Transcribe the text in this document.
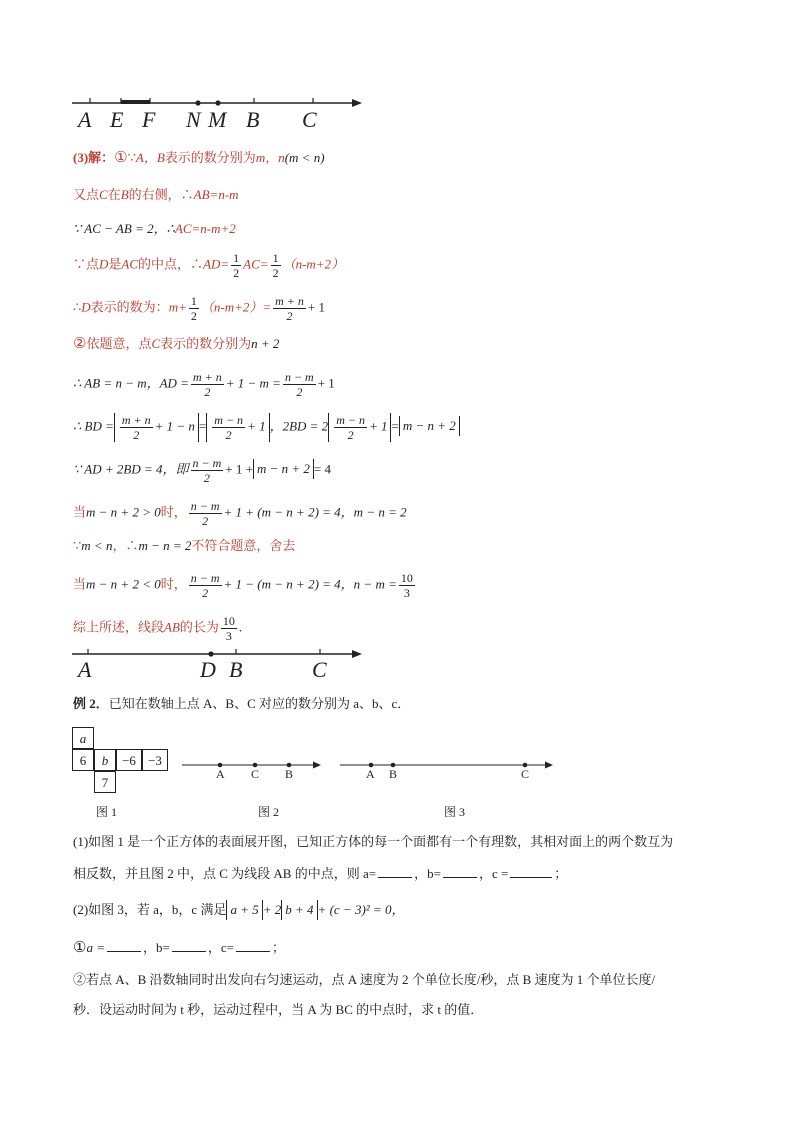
A E F N M B C
(3)解：①∵A，B表示的数分别为m，n(m < n)
又点C在B的右侧，∴AB=n-m
∵ AC − AB = 2，∴AC=n-m+2
∵点D是AC的中点，∴AD= $\frac{1}{2} AC= \frac{1}{2} (n-m+2)$
∴D表示的数为：$m+ \frac{1}{2} (n-m+2)= \frac{m + n}{2} + 1$
②依题意，点C表示的数分别为n + 2
∴ AB = n − m，AD = $\frac{m + n}{2} + 1 - m = \frac{n - m}{2} + 1$
∴ BD = $\frac{m + n}{2} + 1 - n = \frac{m - n}{2} + 1$ ，$2BD = 2 \frac{m - n}{2} + 1 = m - n + 2$
∵ AD + 2BD = 4，即 $\frac{n - m}{2} + 1 + m - n + 2 = 4$
当m − n + 2 > 0时， $\frac{n - m}{2} + 1 + (m - n + 2) = 4$，m − n = 2
∵m < n，∴m − n = 2不符合题意，舍去
当m − n + 2 < 0时， $\frac{n - m}{2} + 1 - (m - n + 2) = 4$，$n - m = \frac{10}{3}$
综上所述，线段AB的长为 $\frac{10}{3}$ .
A	D B	C
例 2．已知在数轴上点 A、B、C 对应的数分别为 a、b、c．
a
6	b	−6 −3
7
图 1
A C B
图 2
A B	C
图 3
(1)如图 1 是一个正方体的表面展开图，已知正方体的每一个面都有一个有理数，其相对面上的两个数互为
相反数，并且图 2 中，点 C 为线段 AB 的中点，则 a=	，b=	，c =	；
(2)如图 3，若 a，b，c 满足 a + 5 + 2 b + 4 + (c − 3)² = 0，
①a =	，b=	，c=	；
②若点 A、B 沿数轴同时出发向右匀速运动，点 A 速度为 2 个单位长度/秒，点 B 速度为 1 个单位长度/
秒．设运动时间为 t 秒，运动过程中，当 A 为 BC 的中点时，求 t 的值．
